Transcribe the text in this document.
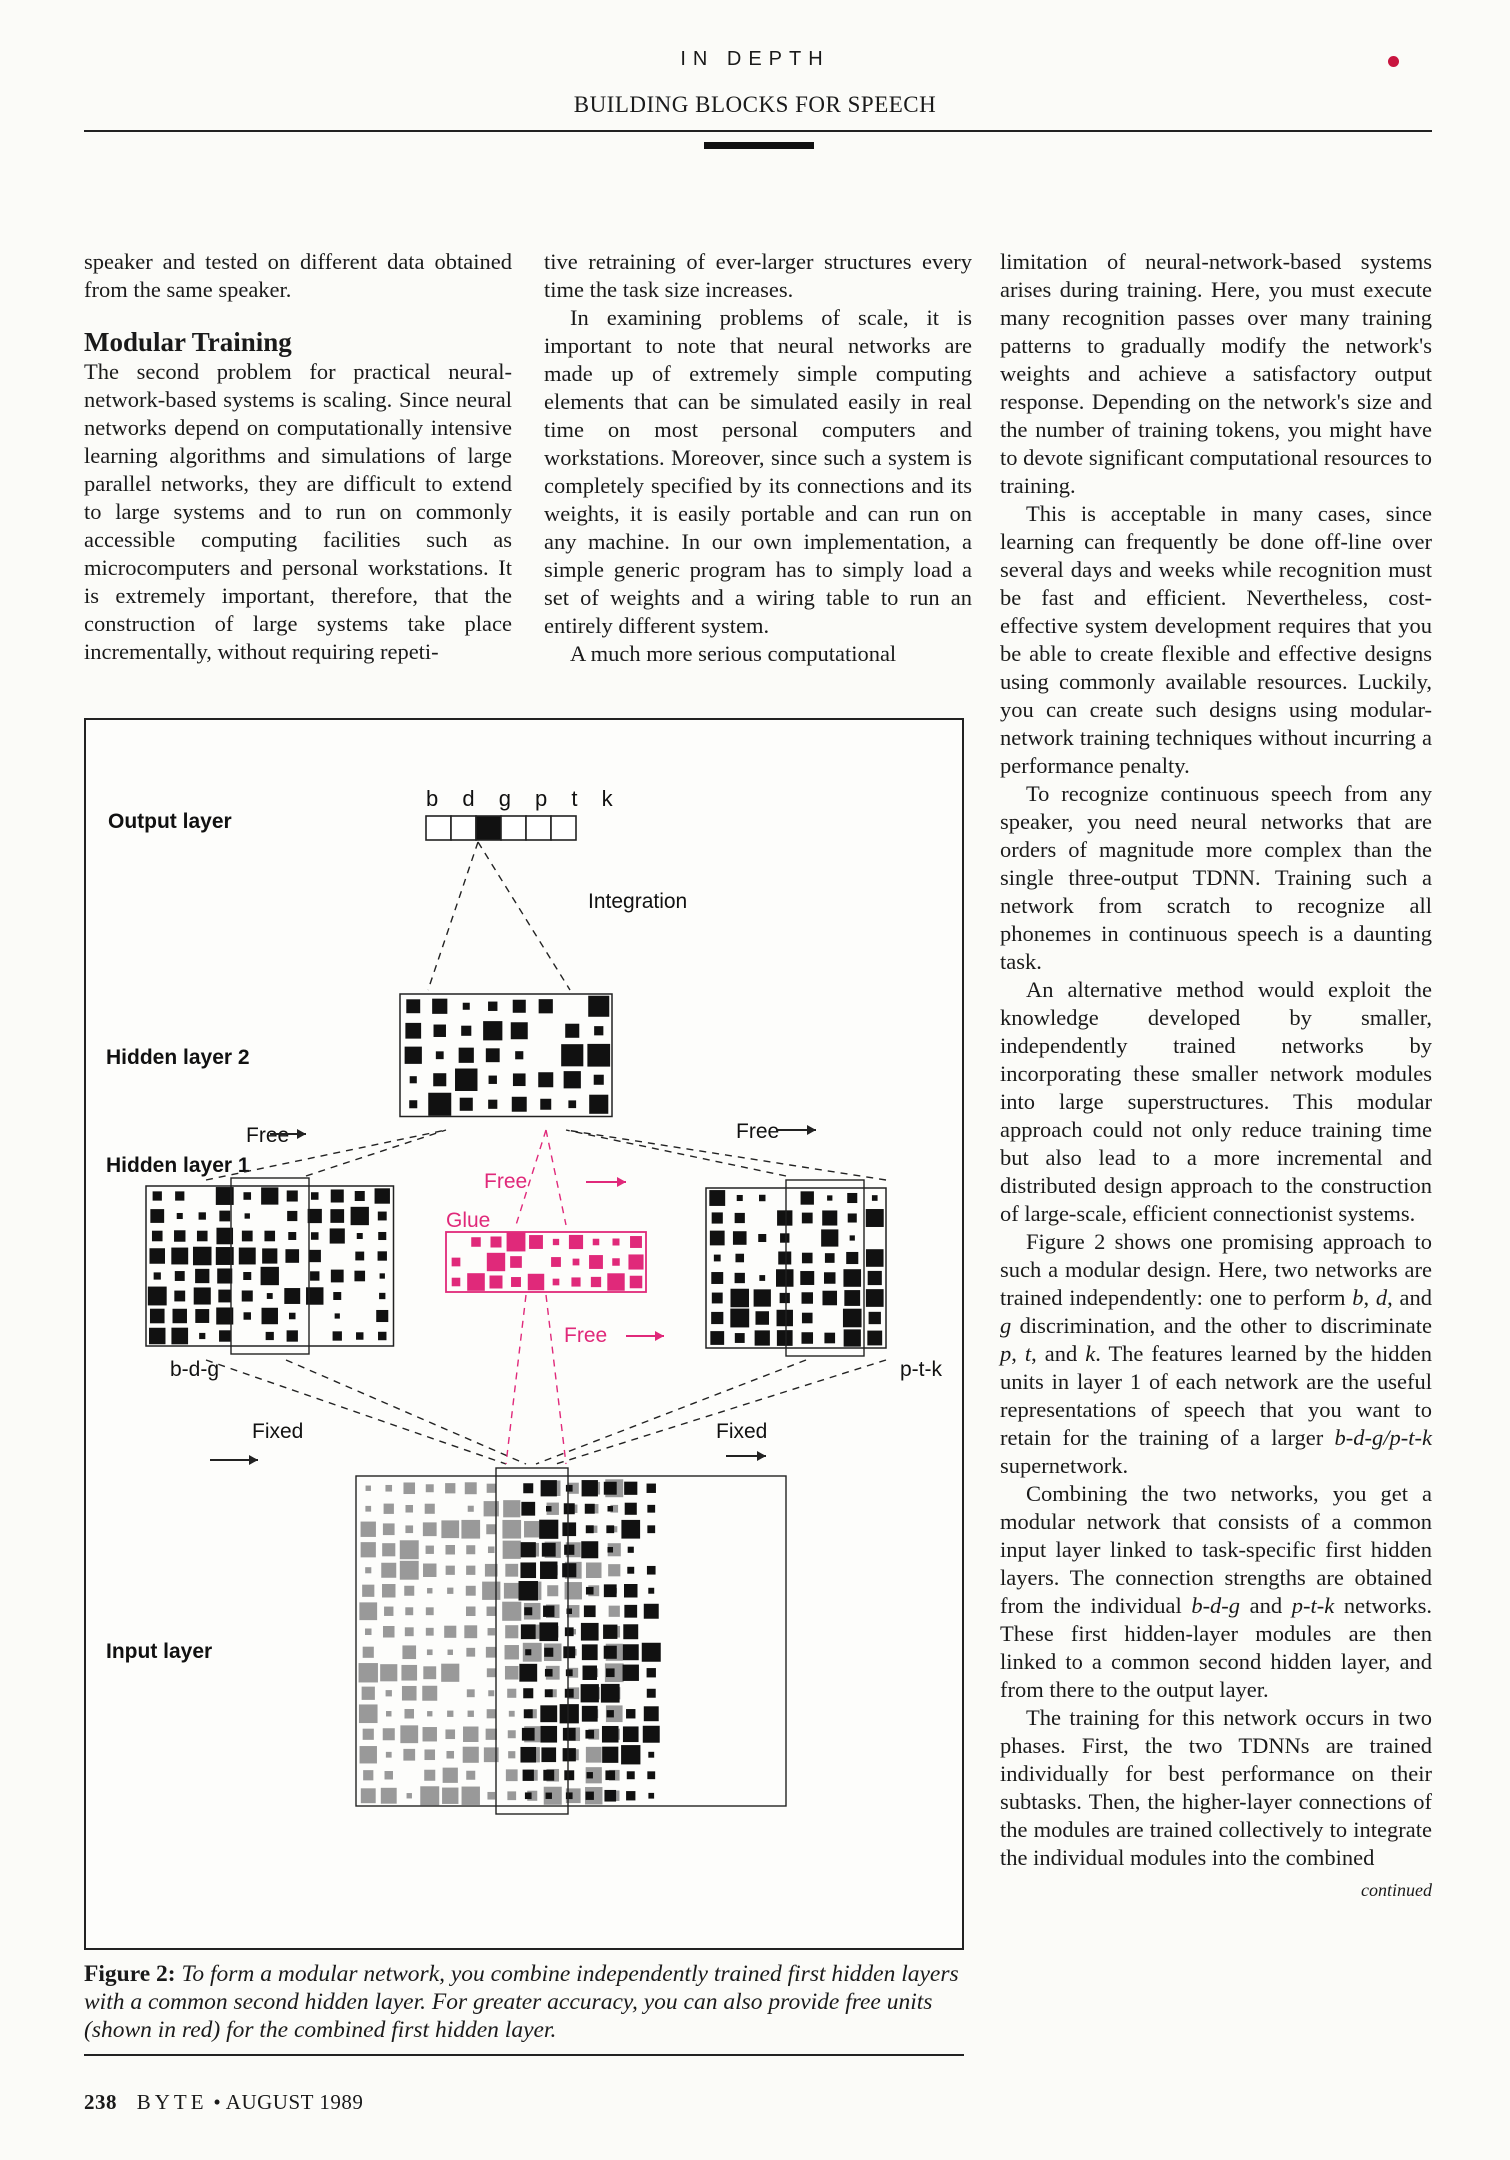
IN DEPTH
BUILDING BLOCKS FOR SPEECH

speaker and tested on different data obtained from the same speaker.

Modular Training

The second problem for practical neural-network-based systems is scaling. Since neural networks depend on computationally intensive learning algorithms and simulations of large parallel networks, they are difficult to extend to large systems and to run on commonly accessible computing facilities such as microcomputers and personal workstations. It is extremely important, therefore, that the construction of large systems take place incrementally, without requiring repeti-

tive retraining of ever-larger structures every time the task size increases.

In examining problems of scale, it is important to note that neural networks are made up of extremely simple computing elements that can be simulated easily in real time on most personal computers and workstations. Moreover, since such a system is completely specified by its connections and its weights, it is easily portable and can run on any machine. In our own implementation, a simple generic program has to simply load a set of weights and a wiring table to run an entirely different system.

A much more serious computational

limitation of neural-network-based systems arises during training. Here, you must execute many recognition passes over many training patterns to gradually modify the network's weights and achieve a satisfactory output response. Depending on the network's size and the number of training tokens, you might have to devote significant computational resources to training.

This is acceptable in many cases, since learning can frequently be done off-line over several days and weeks while recognition must be fast and efficient. Nevertheless, cost-effective system development requires that you be able to create flexible and effective designs using commonly available resources. Luckily, you can create such designs using modular-network training techniques without incurring a performance penalty.

To recognize continuous speech from any speaker, you need neural networks that are orders of magnitude more complex than the single three-output TDNN. Training such a network from scratch to recognize all phonemes in continuous speech is a daunting task.

An alternative method would exploit the knowledge developed by smaller, independently trained networks by incorporating these smaller network modules into large superstructures. This modular approach could not only reduce training time but also lead to a more incremental and distributed design approach to the construction of large-scale, efficient connectionist systems.

Figure 2 shows one promising approach to such a modular design. Here, two networks are trained independently: one to perform b, d, and g discrimination, and the other to discriminate p, t, and k. The features learned by the hidden units in layer 1 of each network are the useful representations of speech that you want to retain for the training of a larger b-d-g/p-t-k supernetwork.

Combining the two networks, you get a modular network that consists of a common input layer linked to task-specific first hidden layers. The connection strengths are obtained from the individual b-d-g and p-t-k networks. These first hidden-layer modules are then linked to a common second hidden layer, and from there to the output layer.

The training for this network occurs in two phases. First, the two TDNNs are trained individually for best performance on their subtasks. Then, the higher-layer connections of the modules are trained collectively to integrate the individual modules into the combined

continued

Output layer
Hidden layer 2
Hidden layer 1
Input layer
b d g p t k
Integration
Free	Free
b-d-g	p-t-k
Fixed	Fixed
Free
Glue
Free
Figure 2: To form a modular network, you combine independently trained first hidden layers with a common second hidden layer. For greater accuracy, you can also provide free units (shown in red) for the combined first hidden layer.
238 BYTE • AUGUST 1989
